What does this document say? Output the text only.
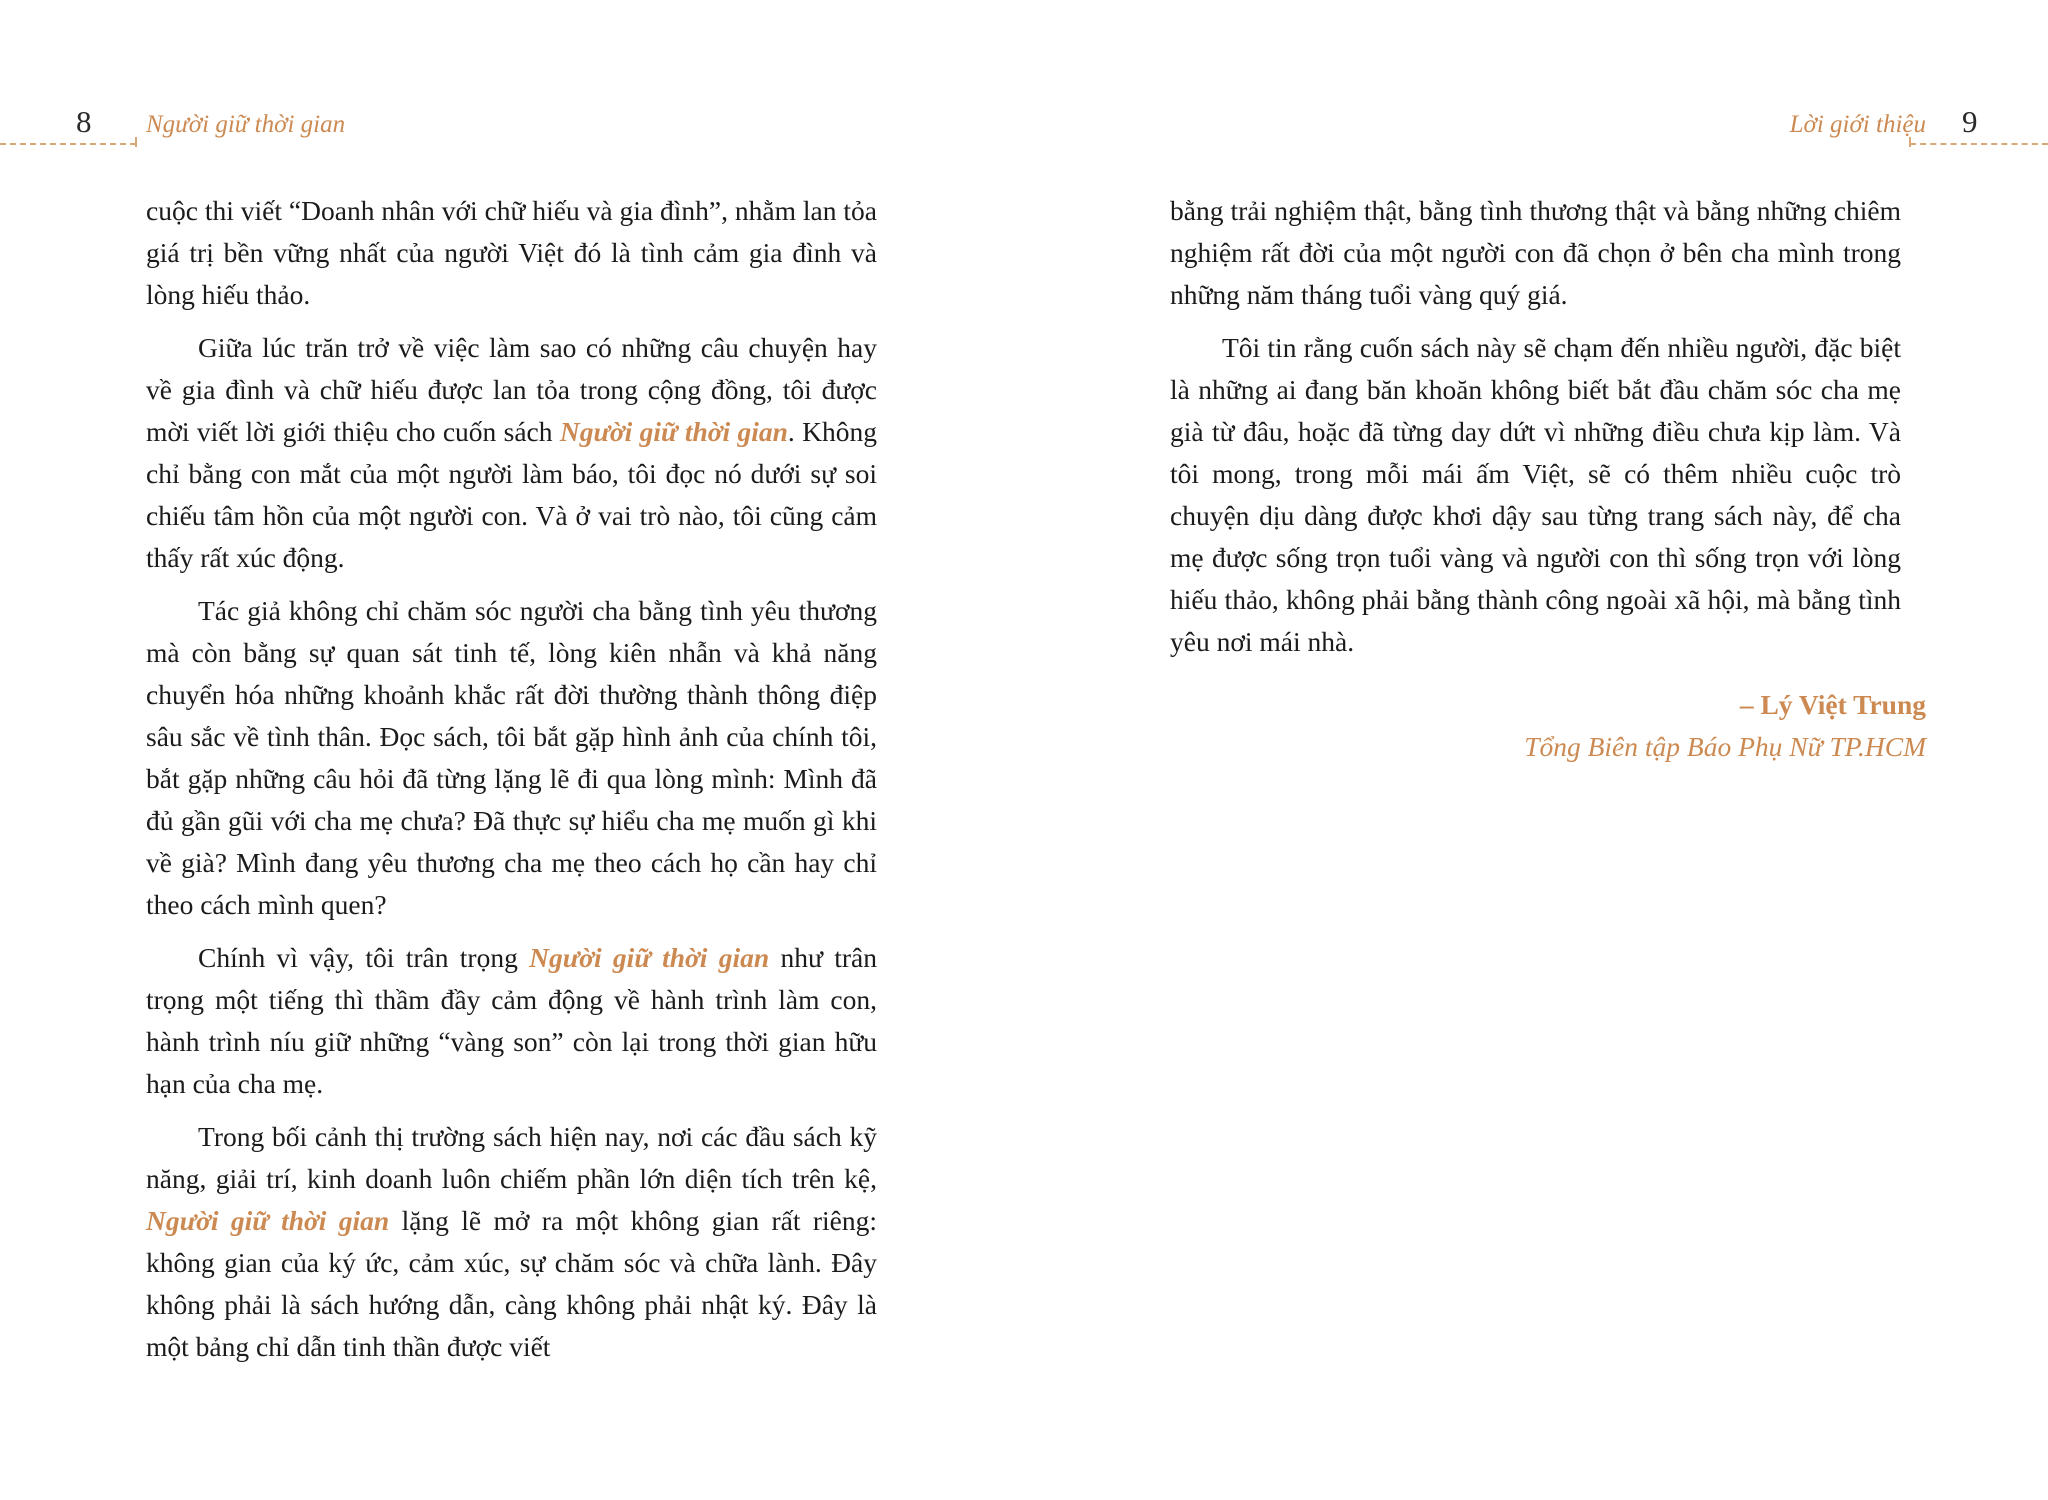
8 Người giữ thời gian

cuộc thi viết “Doanh nhân với chữ hiếu và gia đình”, nhằm lan tỏa giá trị bền vững nhất của người Việt đó là tình cảm gia đình và lòng hiếu thảo.

Giữa lúc trăn trở về việc làm sao có những câu chuyện hay về gia đình và chữ hiếu được lan tỏa trong cộng đồng, tôi được mời viết lời giới thiệu cho cuốn sách Người giữ thời gian. Không chỉ bằng con mắt của một người làm báo, tôi đọc nó dưới sự soi chiếu tâm hồn của một người con. Và ở vai trò nào, tôi cũng cảm thấy rất xúc động.

Tác giả không chỉ chăm sóc người cha bằng tình yêu thương mà còn bằng sự quan sát tinh tế, lòng kiên nhẫn và khả năng chuyển hóa những khoảnh khắc rất đời thường thành thông điệp sâu sắc về tình thân. Đọc sách, tôi bắt gặp hình ảnh của chính tôi, bắt gặp những câu hỏi đã từng lặng lẽ đi qua lòng mình: Mình đã đủ gần gũi với cha mẹ chưa? Đã thực sự hiểu cha mẹ muốn gì khi về già? Mình đang yêu thương cha mẹ theo cách họ cần hay chỉ theo cách mình quen?

Chính vì vậy, tôi trân trọng Người giữ thời gian như trân trọng một tiếng thì thầm đầy cảm động về hành trình làm con, hành trình níu giữ những “vàng son” còn lại trong thời gian hữu hạn của cha mẹ.

Trong bối cảnh thị trường sách hiện nay, nơi các đầu sách kỹ năng, giải trí, kinh doanh luôn chiếm phần lớn diện tích trên kệ, Người giữ thời gian lặng lẽ mở ra một không gian rất riêng: không gian của ký ức, cảm xúc, sự chăm sóc và chữa lành. Đây không phải là sách hướng dẫn, càng không phải nhật ký. Đây là một bảng chỉ dẫn tinh thần được viết

Lời giới thiệu 9

bằng trải nghiệm thật, bằng tình thương thật và bằng những chiêm nghiệm rất đời của một người con đã chọn ở bên cha mình trong những năm tháng tuổi vàng quý giá.

Tôi tin rằng cuốn sách này sẽ chạm đến nhiều người, đặc biệt là những ai đang băn khoăn không biết bắt đầu chăm sóc cha mẹ già từ đâu, hoặc đã từng day dứt vì những điều chưa kịp làm. Và tôi mong, trong mỗi mái ấm Việt, sẽ có thêm nhiều cuộc trò chuyện dịu dàng được khơi dậy sau từng trang sách này, để cha mẹ được sống trọn tuổi vàng và người con thì sống trọn với lòng hiếu thảo, không phải bằng thành công ngoài xã hội, mà bằng tình yêu nơi mái nhà.

– Lý Việt Trung
Tổng Biên tập Báo Phụ Nữ TP.HCM
